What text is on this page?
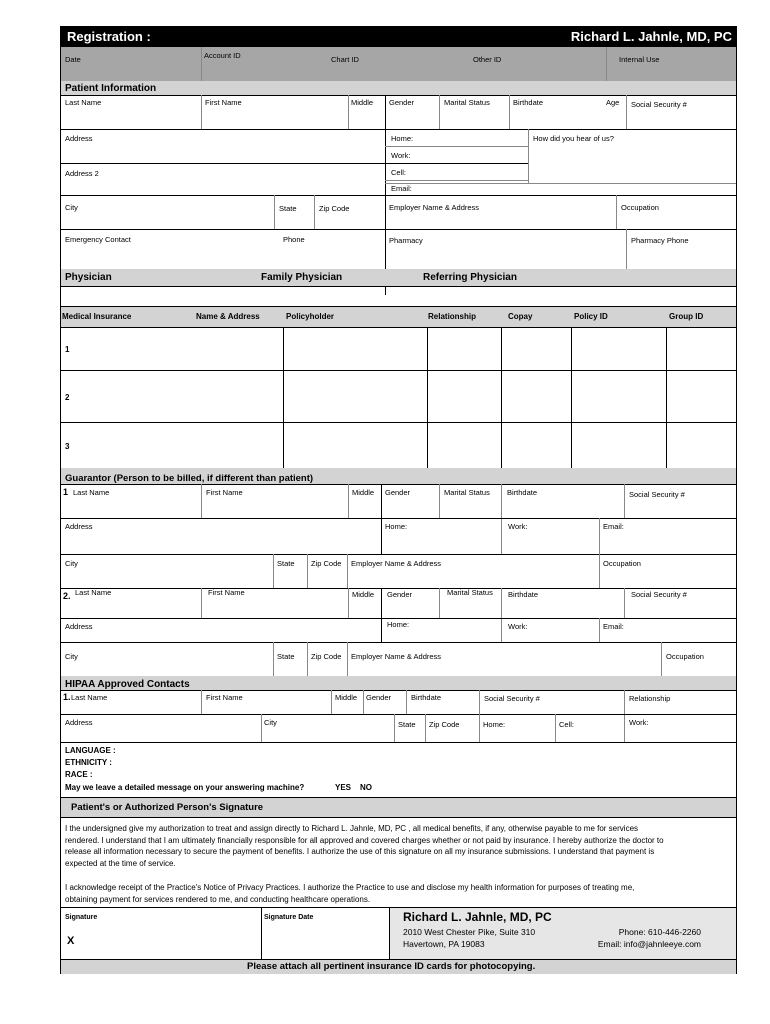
Registration :	Richard L. Jahnle, MD, PC
Date	Account ID	Chart ID	Other ID	Internal Use
Patient Information
Last Name	First Name	Middle Gender	Marital Status	Birthdate	Age Social Security #
Address	Home:	How did you hear of us?
Work:
Address 2	Cell:
Email:
City	State	Zip Code	Employer Name & Address	Occupation
Emergency Contact	Phone	Pharmacy	Pharmacy Phone
Physician	Family Physician	Referring Physician
Medical Insurance	Name & Address	Policyholder	Relationship	Copay	Policy ID	Group ID
1
2
3
Guarantor (Person to be billed, if different than patient)
1 Last Name	First Name	Middle Gender	Marital Status Birthdate	Social Security #
Address	Home:	Work:	Email:
City	State Zip Code Employer Name & Address	Occupation
2. Last Name	First Name	Middle Gender	Marital Status Birthdate	Social Security #
Address	Home:	Work:	Email:
City	State Zip Code Employer Name & Address	Occupation
HIPAA Approved Contacts
1. Last Name	First Name	Middle Gender	Birthdate	Social Security #	Relationship
Address	City	State Zip Code	Home:	Cell:	Work:
LANGUAGE :
ETHNICITY :
RACE :
May we leave a detailed message on your answering machine?	YES NO
Patient's or Authorized Person's Signature
I the undersigned give my authorization to treat and assign directly to Richard L. Jahnle, MD, PC , all medical benefits, if any, otherwise payable to me for services rendered. I understand that I am ultimately financially responsible for all approved and covered charges whether or not paid by insurance. I hereby authorize the doctor to release all information necessary to secure the payment of benefits. I authorize the use of this signature on all my insurance submissions. I understand that payment is expected at the time of service.
I acknowledge receipt of the Practice's Notice of Privacy Practices. I authorize the Practice to use and disclose my health information for purposes of treating me, obtaining payment for services rendered to me, and conducting healthcare operations.
Signature
X
Signature Date	Richard L. Jahnle, MD, PC
2010 West Chester Pike, Suite 310
Havertown, PA 19083
Phone: 610-446-2260
Email: info@jahnleeye.com
Please attach all pertinent insurance ID cards for photocopying.
